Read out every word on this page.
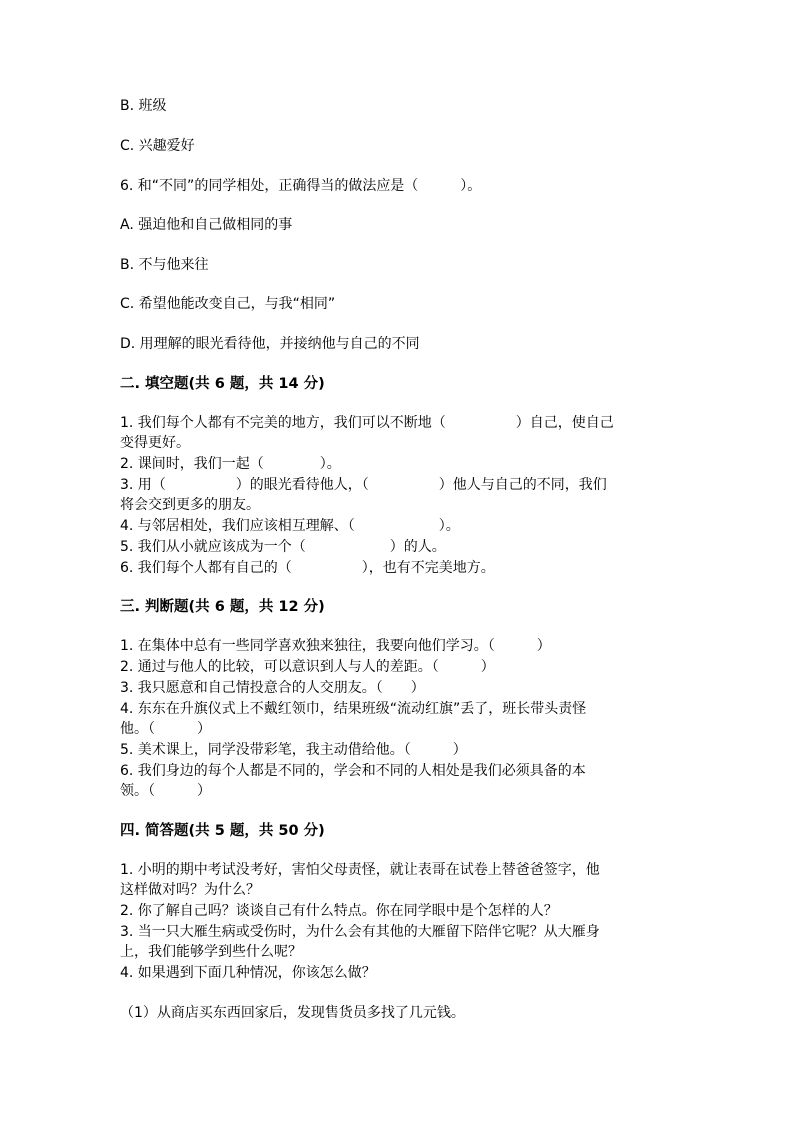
B. 班级
C. 兴趣爱好
6. 和“不同”的同学相处，正确得当的做法应是（　　　）。
A. 强迫他和自己做相同的事
B. 不与他来往
C. 希望他能改变自己，与我“相同”
D. 用理解的眼光看待他，并接纳他与自己的不同
二. 填空题(共 6 题，共 14 分)
1. 我们每个人都有不完美的地方，我们可以不断地（　　　　　）自己，使自己
变得更好。
2. 课间时，我们一起（　　　　）。
3. 用（　　　　　）的眼光看待他人，（　　　　　）他人与自己的不同，我们
将会交到更多的朋友。
4. 与邻居相处，我们应该相互理解、（　　　　　　）。
5. 我们从小就应该成为一个（　　　　　　）的人。
6. 我们每个人都有自己的（　　　　　），也有不完美地方。
三. 判断题(共 6 题，共 12 分)
1. 在集体中总有一些同学喜欢独来独往，我要向他们学习。（　　　）
2. 通过与他人的比较，可以意识到人与人的差距。（　　　）
3. 我只愿意和自己情投意合的人交朋友。（　　）
4. 东东在升旗仪式上不戴红领巾，结果班级“流动红旗”丢了，班长带头责怪
他。（　　　）
5. 美术课上，同学没带彩笔，我主动借给他。（　　　）
6. 我们身边的每个人都是不同的，学会和不同的人相处是我们必须具备的本
领。（　　　）
四. 简答题(共 5 题，共 50 分)
1. 小明的期中考试没考好，害怕父母责怪，就让表哥在试卷上替爸爸签字，他
这样做对吗？为什么？
2. 你了解自己吗？谈谈自己有什么特点。你在同学眼中是个怎样的人？
3. 当一只大雁生病或受伤时，为什么会有其他的大雁留下陪伴它呢？从大雁身
上，我们能够学到些什么呢？
4. 如果遇到下面几种情况，你该怎么做？
（1）从商店买东西回家后，发现售货员多找了几元钱。
